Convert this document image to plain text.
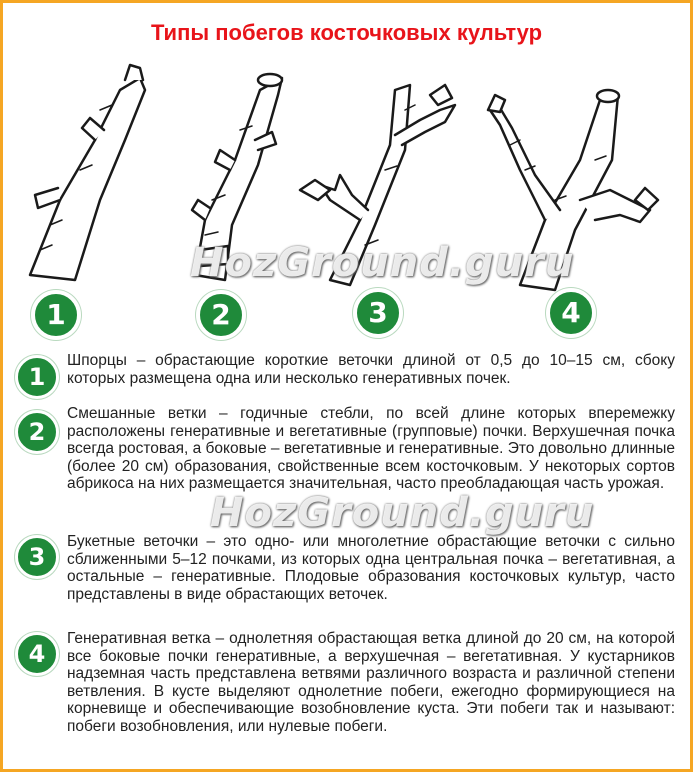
Типы побегов косточковых культур
HozGround.guru
1	2	3	4
1
Шпорцы – обрастающие короткие веточки длиной от 0,5 до 10–15 см, сбоку которых размещена одна или несколько генеративных почек.
2
Смешанные ветки – годичные стебли, по всей длине которых вперемежку расположены генеративные и вегетативные (групповые) почки. Верхушечная почка всегда ростовая, а боковые – вегетативные и генеративные. Это довольно длинные (более 20 см) образования, свойственные всем косточковым. У некоторых сортов абрикоса на них размещается значительная, часто преобладающая часть урожая.
3
Букетные веточки – это одно- или многолетние обрастающие веточки с сильно сближенными 5–12 почками, из которых одна центральная почка – вегетативная, а остальные – генеративные. Плодовые образования косточковых культур, часто представлены в виде обрастающих веточек.
4
Генеративная ветка – однолетняя обрастающая ветка длиной до 20 см, на которой все боковые почки генеративные, а верхушечная – вегетативная. У кустарников надземная часть представлена ветвями различного возраста и различной степени ветвления. В кусте выделяют однолетние побеги, ежегодно формирующиеся на корневище и обеспечивающие возобновление куста. Эти побеги так и называют: побеги возобновления, или нулевые побеги.
HozGround.guru
